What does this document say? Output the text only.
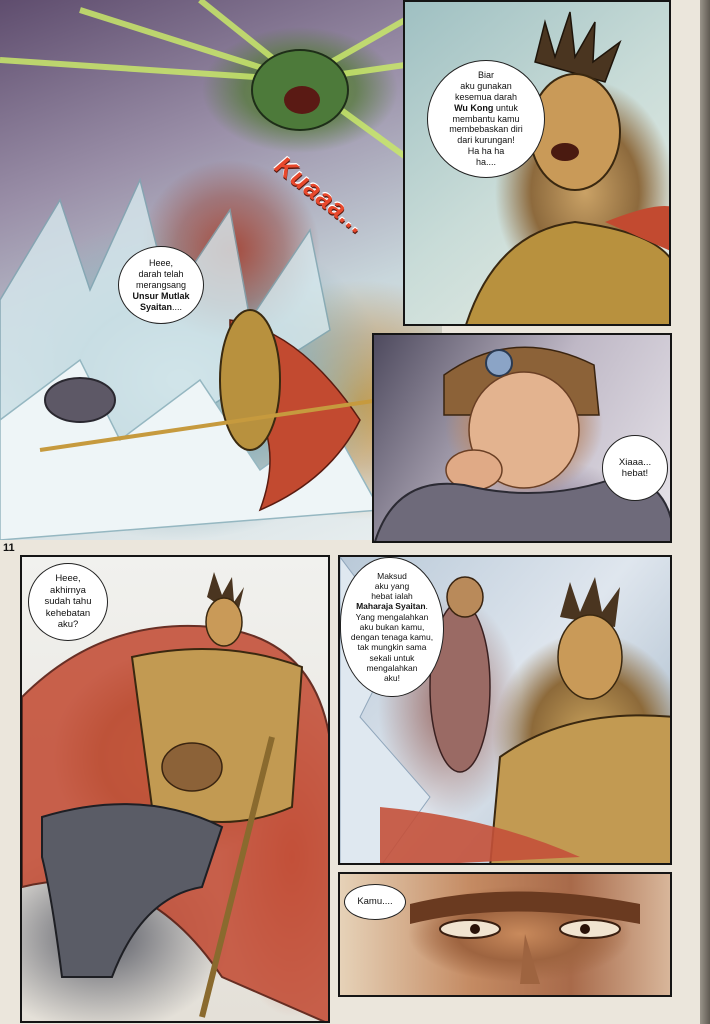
Kuaaa...
Heee,
darah telah
merangsang
Unsur Mutlak
Syaitan....
Biar
aku gunakan
kesemua darah
Wu Kong untuk
membantu kamu
membebaskan diri
dari kurungan!
Ha ha ha
ha....
Xiaaa...
hebat!
11
Heee,
akhirnya
sudah tahu
kehebatan
aku?
Maksud
aku yang
hebat ialah
Maharaja Syaitan.
Yang mengalahkan
aku bukan kamu,
dengan tenaga kamu,
tak mungkin sama
sekali untuk
mengalahkan
aku!
Kamu....
